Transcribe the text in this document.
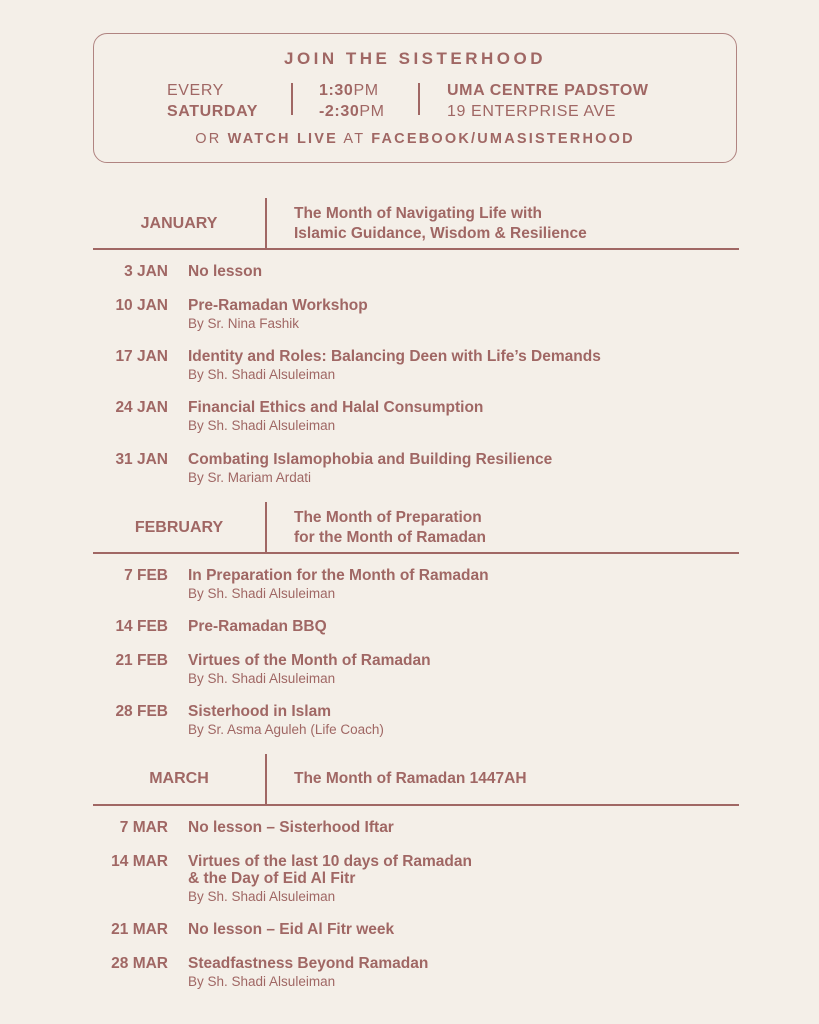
JOIN THE SISTERHOOD
EVERY
SATURDAY
1:30PM
-2:30PM
UMA CENTRE PADSTOW
19 ENTERPRISE AVE
OR WATCH LIVE AT FACEBOOK/UMASISTERHOOD
JANUARY
The Month of Navigating Life with
Islamic Guidance, Wisdom & Resilience
3 JAN No lesson
10 JAN Pre-Ramadan Workshop
By Sr. Nina Fashik
17 JAN Identity and Roles: Balancing Deen with Life’s Demands
By Sh. Shadi Alsuleiman
24 JAN Financial Ethics and Halal Consumption
By Sh. Shadi Alsuleiman
31 JAN Combating Islamophobia and Building Resilience
By Sr. Mariam Ardati
FEBRUARY
The Month of Preparation
for the Month of Ramadan
7 FEB In Preparation for the Month of Ramadan
By Sh. Shadi Alsuleiman
14 FEB Pre-Ramadan BBQ
21 FEB Virtues of the Month of Ramadan
By Sh. Shadi Alsuleiman
28 FEB Sisterhood in Islam
By Sr. Asma Aguleh (Life Coach)
MARCH	The Month of Ramadan 1447AH
7 MAR No lesson – Sisterhood Iftar
14 MAR Virtues of the last 10 days of Ramadan
& the Day of Eid Al Fitr
By Sh. Shadi Alsuleiman
21 MAR No lesson – Eid Al Fitr week
28 MAR Steadfastness Beyond Ramadan
By Sh. Shadi Alsuleiman
